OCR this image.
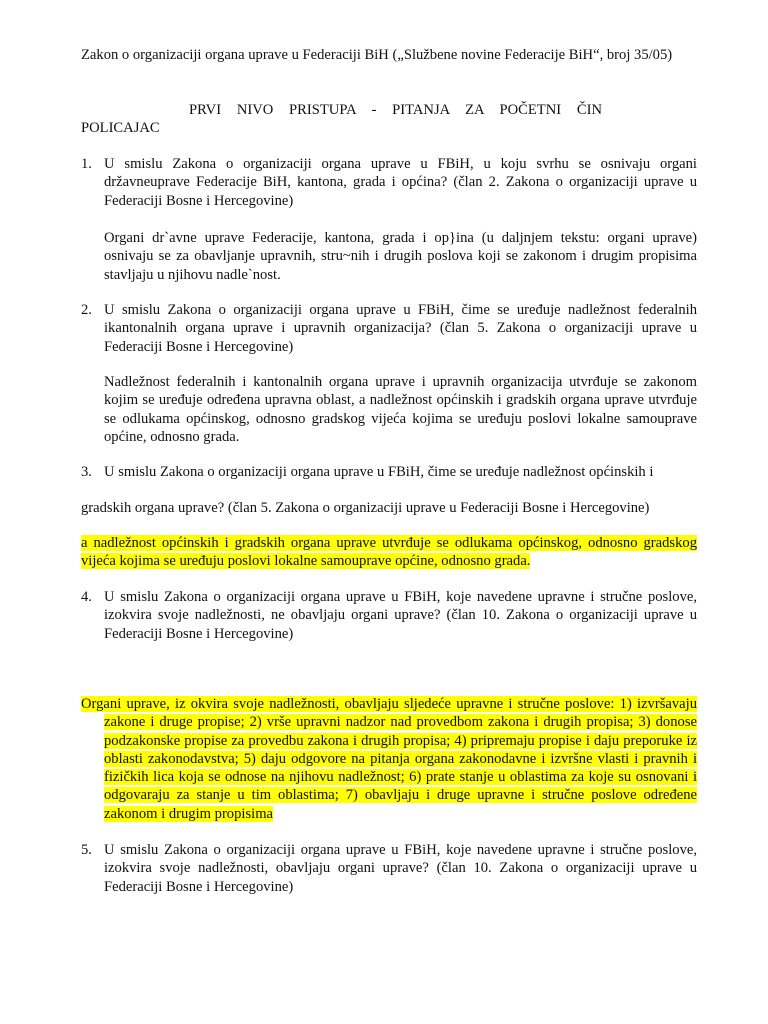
Zakon o organizaciji organa uprave u Federaciji BiH („Službene novine Federacije BiH“, broj 35/05)
PRVI NIVO PRISTUPA - PITANJA ZA POČETNI ČIN
POLICAJAC
1. U smislu Zakona o organizaciji organa uprave u FBiH, u koju svrhu se osnivaju organi državneuprave Federacije BiH, kantona, grada i općina? (član 2. Zakona o organizaciji uprave u Federaciji Bosne i Hercegovine)
Organi dr`avne uprave Federacije, kantona, grada i op}ina (u daljnjem tekstu: organi uprave) osnivaju se za obavljanje upravnih, stru~nih i drugih poslova koji se zakonom i drugim propisima stavljaju u njihovu nadle`nost.
2. U smislu Zakona o organizaciji organa uprave u FBiH, čime se uređuje nadležnost federalnih ikantonalnih organa uprave i upravnih organizacija? (član 5. Zakona o organizaciji uprave u Federaciji Bosne i Hercegovine)
Nadležnost federalnih i kantonalnih organa uprave i upravnih organizacija utvrđuje se zakonom kojim se uređuje određena upravna oblast, a nadležnost općinskih i gradskih organa uprave utvrđuje se odlukama općinskog, odnosno gradskog vijeća kojima se uređuju poslovi lokalne samouprave općine, odnosno grada.
3. U smislu Zakona o organizaciji organa uprave u FBiH, čime se uređuje nadležnost općinskih i
gradskih organa uprave? (član 5. Zakona o organizaciji uprave u Federaciji Bosne i Hercegovine)
a nadležnost općinskih i gradskih organa uprave utvrđuje se odlukama općinskog, odnosno gradskog vijeća kojima se uređuju poslovi lokalne samouprave općine, odnosno grada.
4. U smislu Zakona o organizaciji organa uprave u FBiH, koje navedene upravne i stručne poslove, izokvira svoje nadležnosti, ne obavljaju organi uprave? (član 10. Zakona o organizaciji uprave u Federaciji Bosne i Hercegovine)
Organi uprave, iz okvira svoje nadležnosti, obavljaju sljedeće upravne i stručne poslove: 1) izvršavaju zakone i druge propise; 2) vrše upravni nadzor nad provedbom zakona i drugih propisa; 3) donose podzakonske propise za provedbu zakona i drugih propisa; 4) pripremaju propise i daju preporuke iz oblasti zakonodavstva; 5) daju odgovore na pitanja organa zakonodavne i izvršne vlasti i pravnih i fizičkih lica koja se odnose na njihovu nadležnost; 6) prate stanje u oblastima za koje su osnovani i odgovaraju za stanje u tim oblastima; 7) obavljaju i druge upravne i stručne poslove određene zakonom i drugim propisima
5. U smislu Zakona o organizaciji organa uprave u FBiH, koje navedene upravne i stručne poslove, izokvira svoje nadležnosti, obavljaju organi uprave? (član 10. Zakona o organizaciji uprave u Federaciji Bosne i Hercegovine)
